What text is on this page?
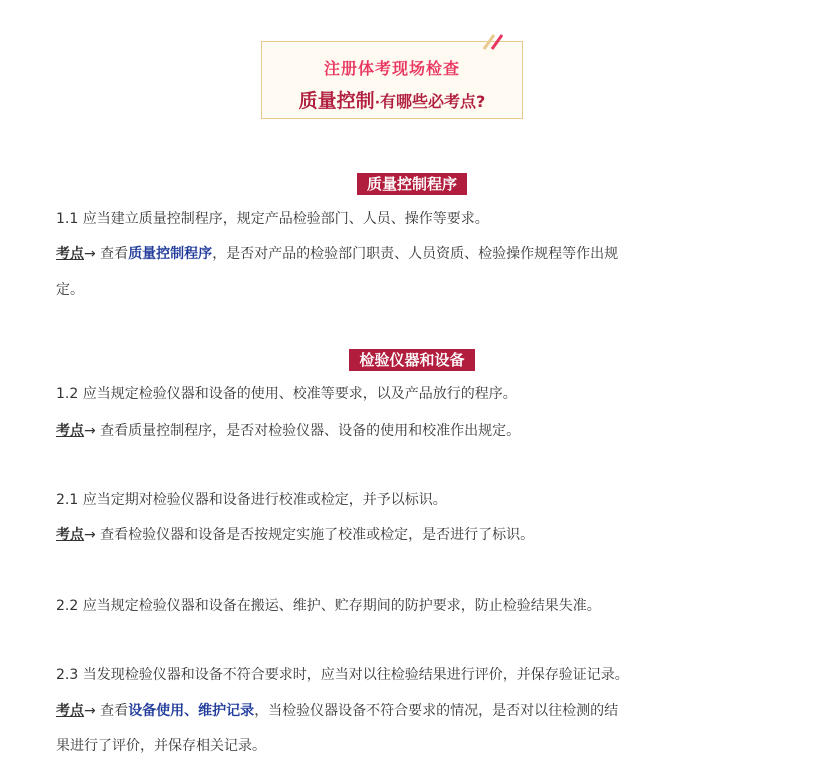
注册体考现场检查
质量控制·有哪些必考点?
质量控制程序
1.1 应当建立质量控制程序，规定产品检验部门、人员、操作等要求。
考点→ 查看质量控制程序，是否对产品的检验部门职责、人员资质、检验操作规程等作出规
定。
检验仪器和设备
1.2 应当规定检验仪器和设备的使用、校准等要求，以及产品放行的程序。
考点→ 查看质量控制程序，是否对检验仪器、设备的使用和校准作出规定。
2.1 应当定期对检验仪器和设备进行校准或检定，并予以标识。
考点→ 查看检验仪器和设备是否按规定实施了校准或检定，是否进行了标识。
2.2 应当规定检验仪器和设备在搬运、维护、贮存期间的防护要求，防止检验结果失准。
2.3 当发现检验仪器和设备不符合要求时，应当对以往检验结果进行评价，并保存验证记录。
考点→ 查看设备使用、维护记录，当检验仪器设备不符合要求的情况，是否对以往检测的结
果进行了评价，并保存相关记录。
